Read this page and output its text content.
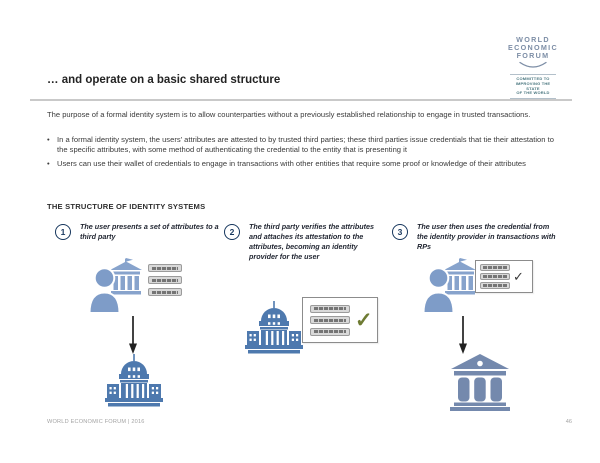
WORLD
ECONOMIC
FORUM
COMMITTED TO
IMPROVING THE STATE
OF THE WORLD
… and operate on a basic shared structure

The purpose of a formal identity system is to allow counterparties without a previously established relationship to engage in trusted transactions.

• In a formal identity system, the users’ attributes are attested to by trusted third parties; these third parties issue credentials that tie their attestation to the specific attributes, with some method of authenticating the credential to the entity that is presenting it
• Users can use their wallet of credentials to engage in transactions with other entities that require some proof or knowledge of their attributes
THE STRUCTURE OF IDENTITY SYSTEMS
1
The user presents a set of attributes to a third party	2
The third party verifies the attributes and attaches its attestation to the attributes, becoming an identity provider for the user
3
The user then uses the credential from the identity provider in transactions with RPs
✓
✓
WORLD ECONOMIC FORUM | 2016	46
